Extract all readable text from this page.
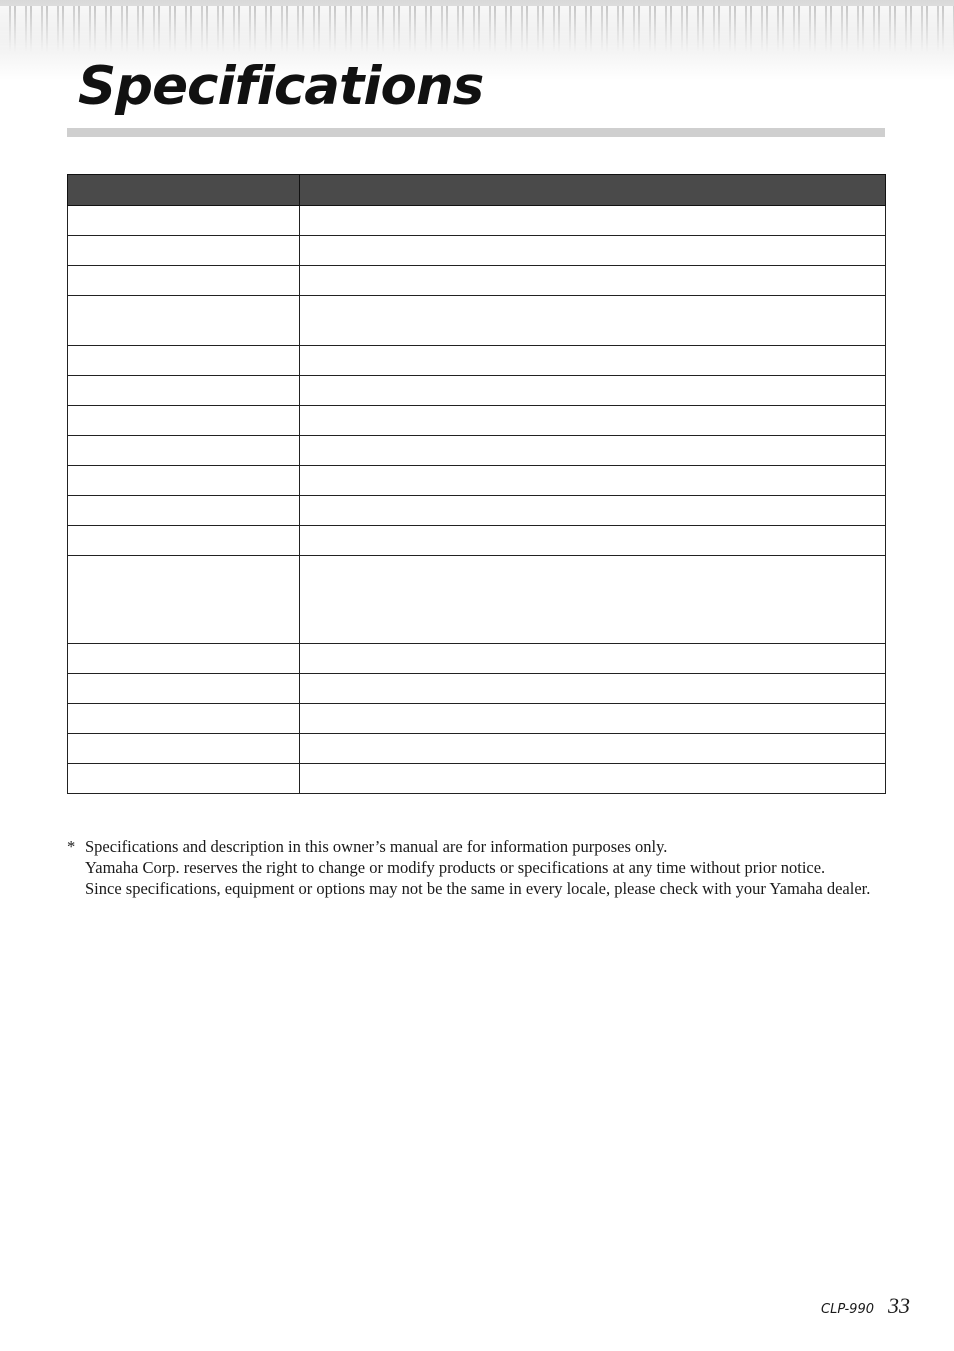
Specifications

* Specifications and description in this owner’s manual are for information purposes only.

Yamaha Corp. reserves the right to change or modify products or specifications at any time without prior notice.

Since specifications, equipment or options may not be the same in every locale, please check with your Yamaha dealer.

CLP-990 33
